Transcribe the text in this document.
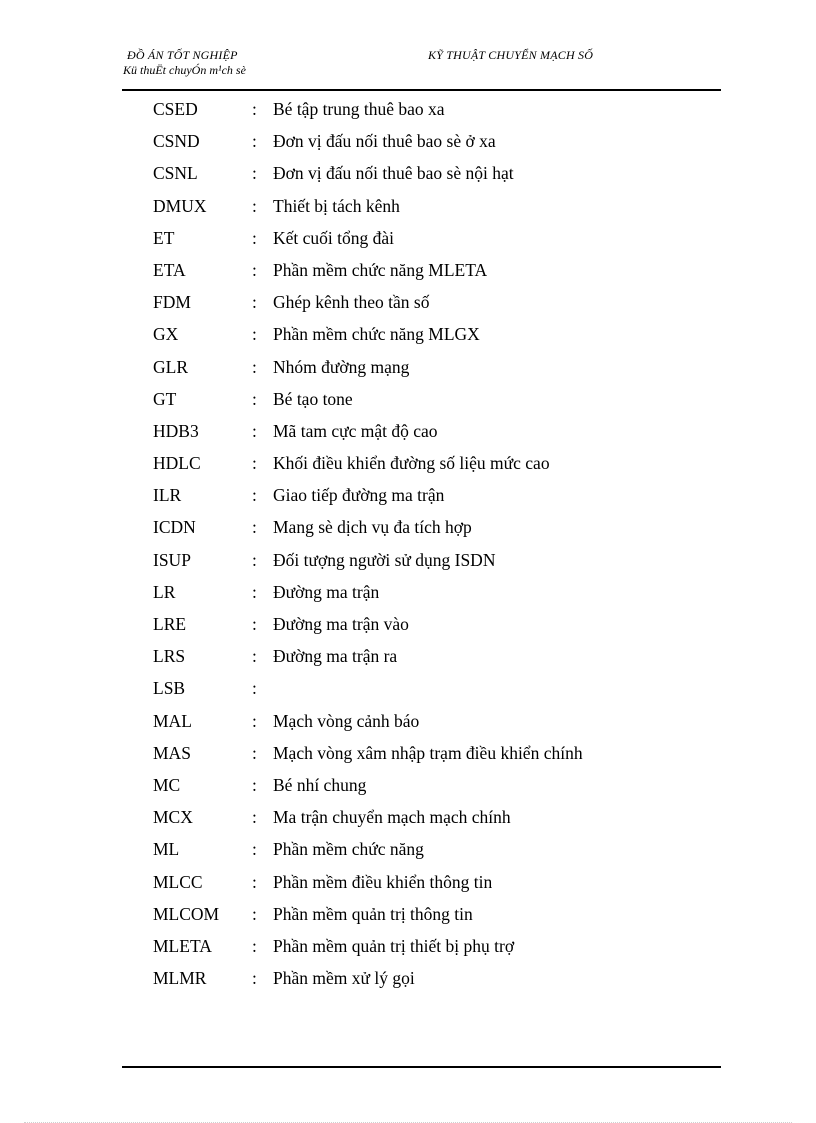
ĐỒ ÁN TỐT NGHIỆP
Kü thuËt chuyÓn m¹ch sè
KỸ THUẬT CHUYỂN MẠCH SỐ
CSED	: Bé tập trung thuê bao xa
CSND	: Đơn vị đấu nối thuê bao sè ở xa
CSNL	: Đơn vị đấu nối thuê bao sè nội hạt
DMUX	: Thiết bị tách kênh
ET	: Kết cuối tổng đài
ETA	: Phần mềm chức năng MLETA
FDM	: Ghép kênh theo tần số
GX	: Phần mềm chức năng MLGX
GLR	: Nhóm đường mạng
GT	: Bé tạo tone
HDB3	: Mã tam cực mật độ cao
HDLC	: Khối điều khiển đường số liệu mức cao
ILR	: Giao tiếp đường ma trận
ICDN	: Mang sè dịch vụ đa tích hợp
ISUP	: Đối tượng người sử dụng ISDN
LR	: Đường ma trận
LRE	: Đường ma trận vào
LRS	: Đường ma trận ra
LSB	:
MAL	: Mạch vòng cảnh báo
MAS	: Mạch vòng xâm nhập trạm điều khiển chính
MC	: Bé nhí chung
MCX	: Ma trận chuyển mạch mạch chính
ML	: Phần mềm chức năng
MLCC	: Phần mềm điều khiển thông tin
MLCOM : Phần mềm quản trị thông tin
MLETA : Phần mềm quản trị thiết bị phụ trợ
MLMR	: Phần mềm xử lý gọi
